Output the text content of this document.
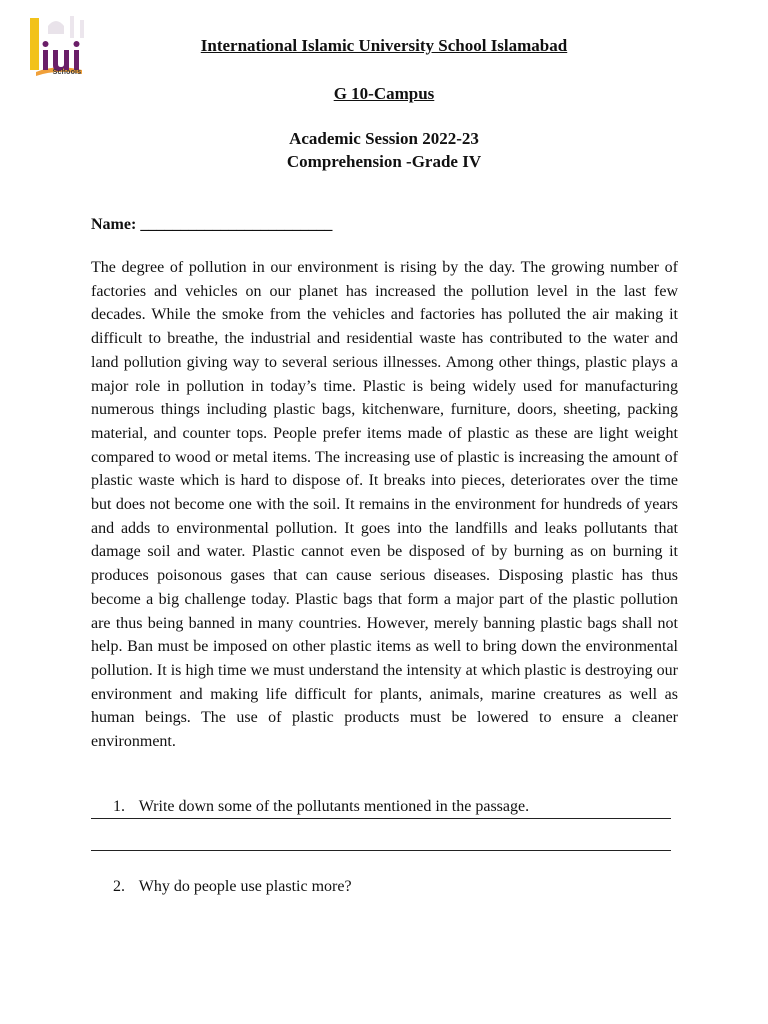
Schools
International Islamic University School Islamabad
G 10-Campus
Academic Session 2022-23
Comprehension -Grade IV
Name: ________________________

The degree of pollution in our environment is rising by the day. The growing number of factories and vehicles on our planet has increased the pollution level in the last few decades. While the smoke from the vehicles and factories has polluted the air making it difficult to breathe, the industrial and residential waste has contributed to the water and land pollution giving way to several serious illnesses. Among other things, plastic plays a major role in pollution in today’s time. Plastic is being widely used for manufacturing numerous things including plastic bags, kitchenware, furniture, doors, sheeting, packing material, and counter tops. People prefer items made of plastic as these are light weight compared to wood or metal items. The increasing use of plastic is increasing the amount of plastic waste which is hard to dispose of. It breaks into pieces, deteriorates over the time but does not become one with the soil. It remains in the environment for hundreds of years and adds to environmental pollution. It goes into the landfills and leaks pollutants that damage soil and water. Plastic cannot even be disposed of by burning as on burning it produces poisonous gases that can cause serious diseases. Disposing plastic has thus become a big challenge today. Plastic bags that form a major part of the plastic pollution are thus being banned in many countries. However, merely banning plastic bags shall not help. Ban must be imposed on other plastic items as well to bring down the environmental pollution. It is high time we must understand the intensity at which plastic is destroying our environment and making life difficult for plants, animals, marine creatures as well as human beings. The use of plastic products must be lowered to ensure a cleaner environment.

1. Write down some of the pollutants mentioned in the passage.
2. Why do people use plastic more?
